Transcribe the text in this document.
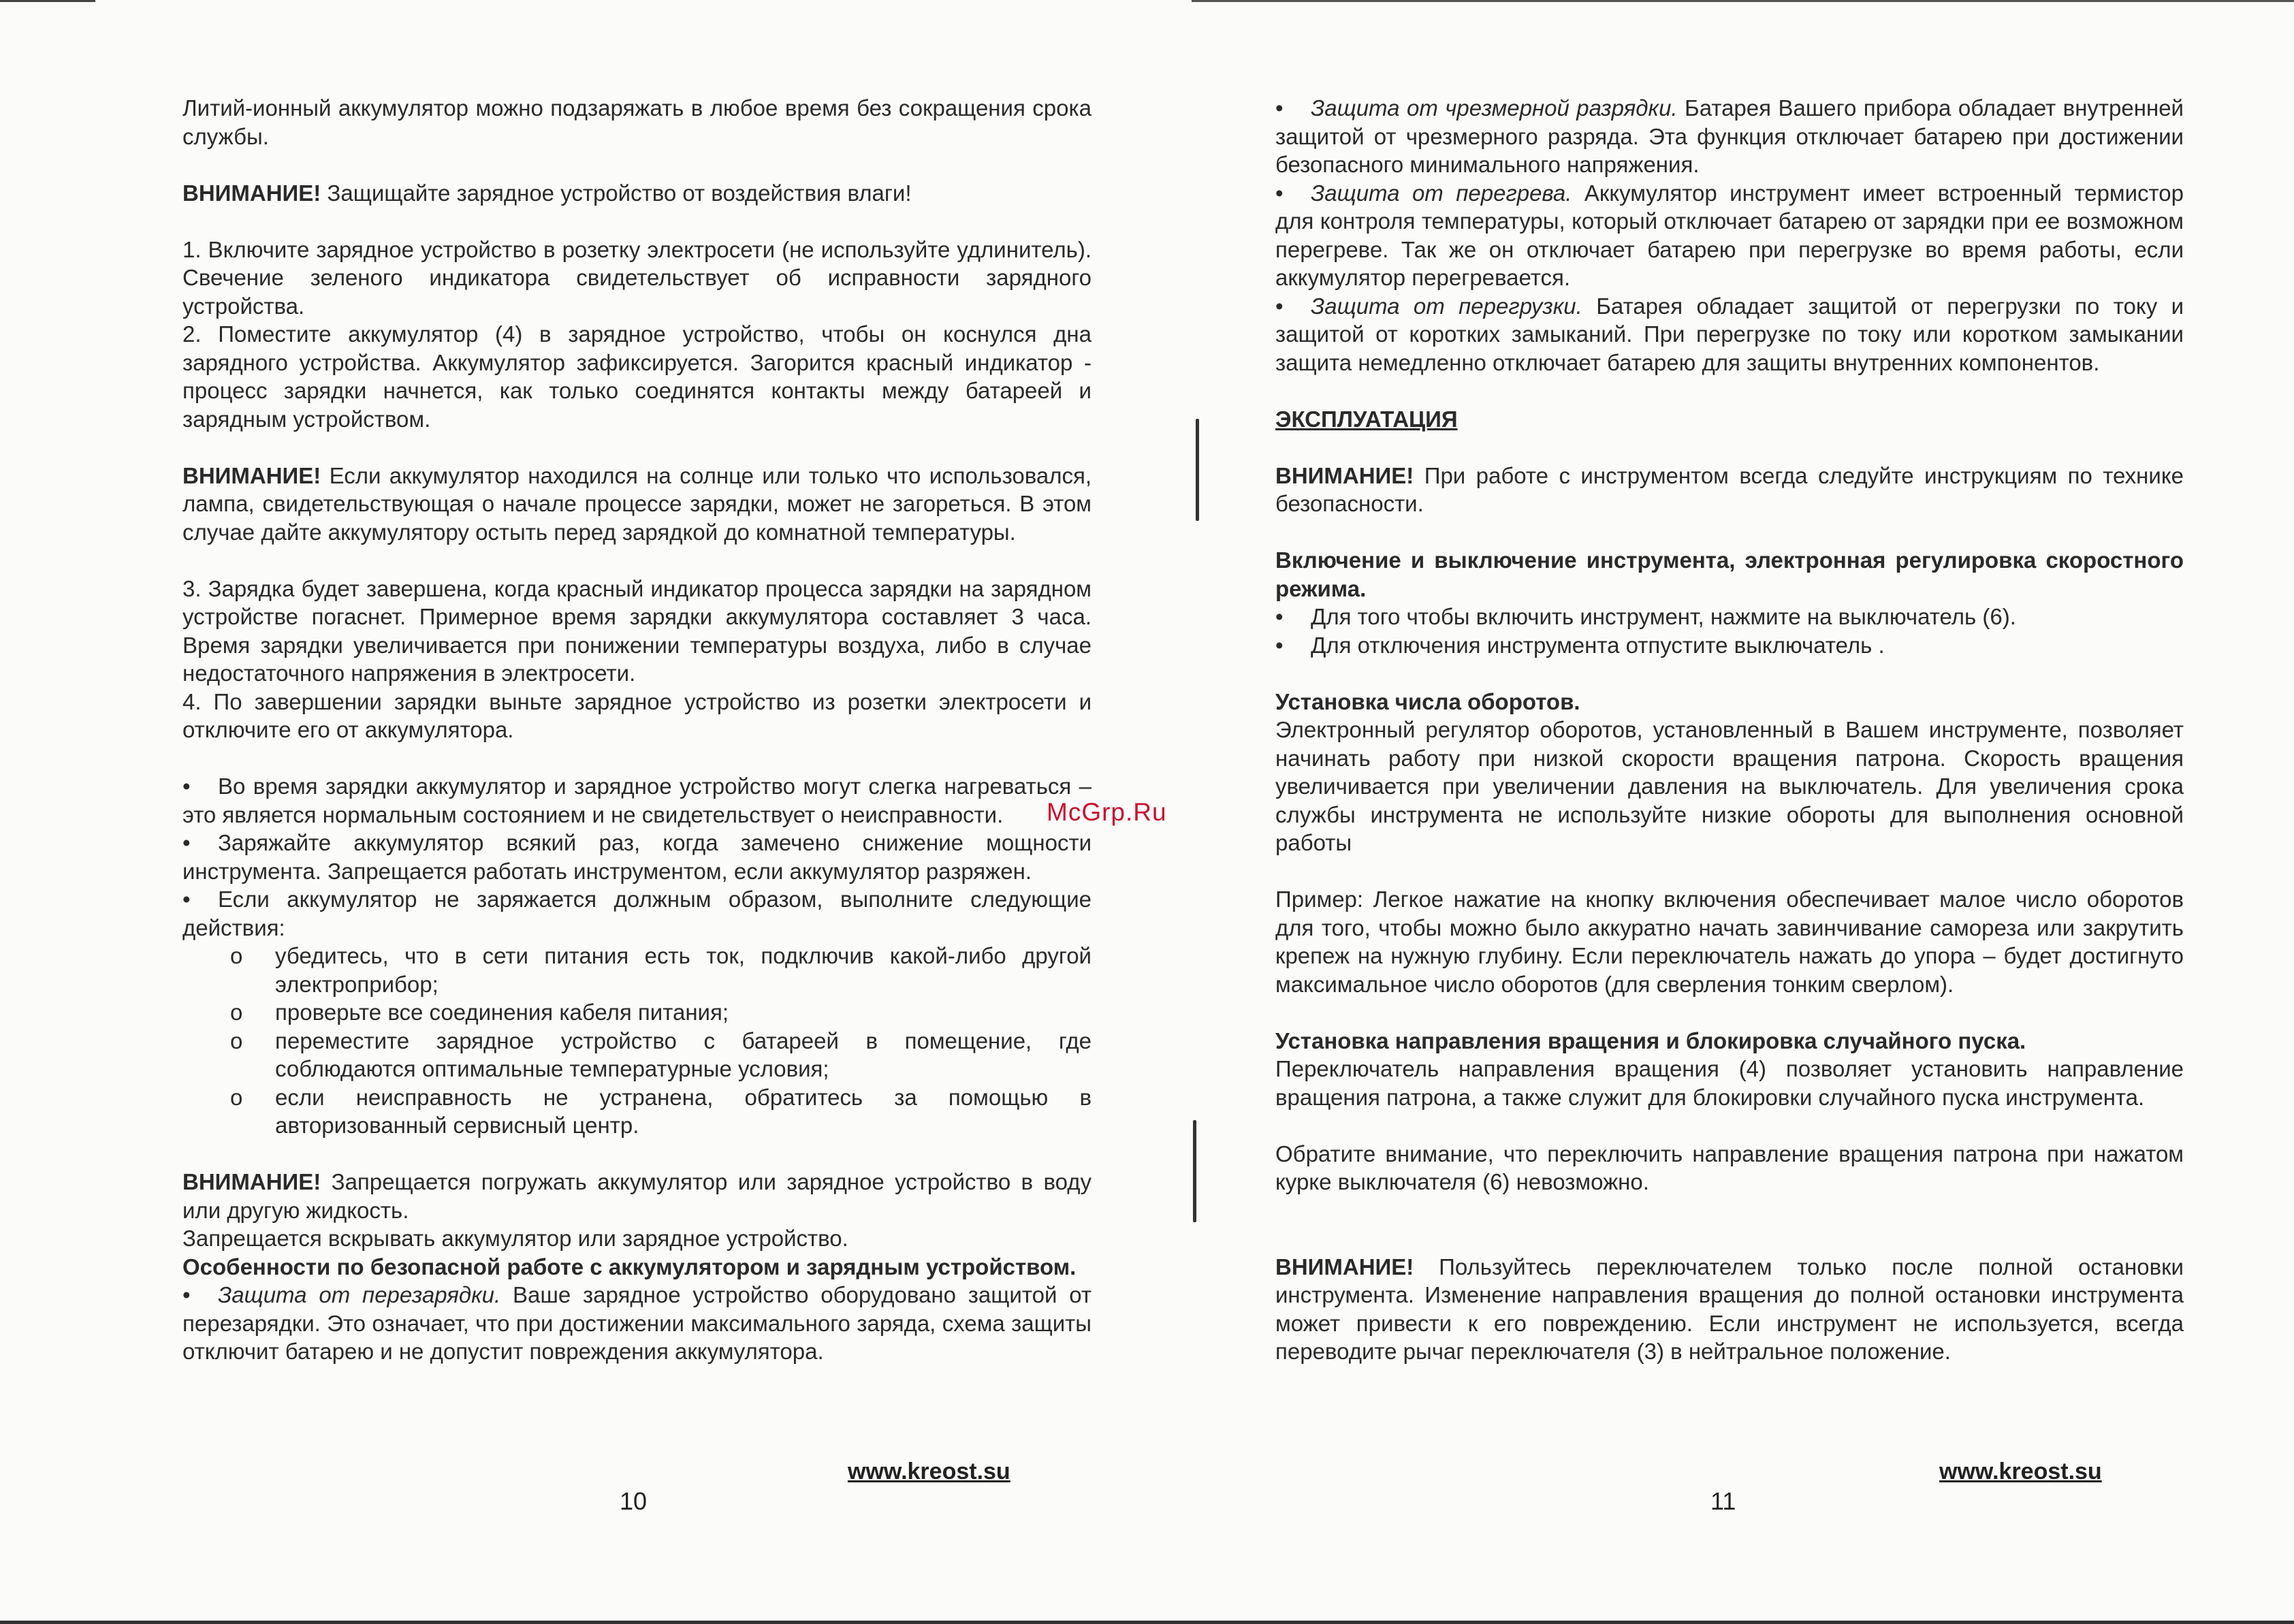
Литий-ионный аккумулятор можно подзаряжать в любое время без сокращения срока службы.

ВНИМАНИЕ! Защищайте зарядное устройство от воздействия влаги!

1. Включите зарядное устройство в розетку электросети (не используйте удлинитель). Свечение зеленого индикатора свидетельствует об исправности зарядного устройства.

2. Поместите аккумулятор (4) в зарядное устройство, чтобы он коснулся дна зарядного устройства. Аккумулятор зафиксируется. Загорится красный индикатор - процесс зарядки начнется, как только соединятся контакты между батареей и зарядным устройством.

ВНИМАНИЕ! Если аккумулятор находился на солнце или только что использовался, лампа, свидетельствующая о начале процессе зарядки, может не загореться. В этом случае дайте аккумулятору остыть перед зарядкой до комнатной температуры.

3. Зарядка будет завершена, когда красный индикатор процесса зарядки на зарядном устройстве погаснет. Примерное время зарядки аккумулятора составляет 3 часа. Время зарядки увеличивается при понижении температуры воздуха, либо в случае недостаточного напряжения в электросети.

4. По завершении зарядки выньте зарядное устройство из розетки электросети и отключите его от аккумулятора.

• Во время зарядки аккумулятор и зарядное устройство могут слегка нагреваться – это является нормальным состоянием и не свидетельствует о неисправности.

• Заряжайте аккумулятор всякий раз, когда замечено снижение мощности инструмента. Запрещается работать инструментом, если аккумулятор разряжен.

• Если аккумулятор не заряжается должным образом, выполните следующие действия:

o убедитесь, что в сети питания есть ток, подключив какой-либо другой электроприбор;

o проверьте все соединения кабеля питания;

o переместите зарядное устройство с батареей в помещение, где соблюдаются оптимальные температурные условия;

o если неисправность не устранена, обратитесь за помощью в авторизованный сервисный центр.

ВНИМАНИЕ! Запрещается погружать аккумулятор или зарядное устройство в воду или другую жидкость.

Запрещается вскрывать аккумулятор или зарядное устройство.

Особенности по безопасной работе с аккумулятором и зарядным устройством.

• Защита от перезарядки. Ваше зарядное устройство оборудовано защитой от перезарядки. Это означает, что при достижении максимального заряда, схема защиты отключит батарею и не допустит повреждения аккумулятора.

www.kreost.su
10

• Защита от чрезмерной разрядки. Батарея Вашего прибора обладает внутренней защитой от чрезмерного разряда. Эта функция отключает батарею при достижении безопасного минимального напряжения.

• Защита от перегрева. Аккумулятор инструмент имеет встроенный термистор для контроля температуры, который отключает батарею от зарядки при ее возможном перегреве. Так же он отключает батарею при перегрузке во время работы, если аккумулятор перегревается.

• Защита от перегрузки. Батарея обладает защитой от перегрузки по току и защитой от коротких замыканий. При перегрузке по току или коротком замыкании защита немедленно отключает батарею для защиты внутренних компонентов.

ЭКСПЛУАТАЦИЯ

ВНИМАНИЕ! При работе с инструментом всегда следуйте инструкциям по технике безопасности.

Включение и выключение инструмента, электронная регулировка скоростного режима.

• Для того чтобы включить инструмент, нажмите на выключатель (6).

• Для отключения инструмента отпустите выключатель .

Установка числа оборотов.

Электронный регулятор оборотов, установленный в Вашем инструменте, позволяет начинать работу при низкой скорости вращения патрона. Скорость вращения увеличивается при увеличении давления на выключатель. Для увеличения срока службы инструмента не используйте низкие обороты для выполнения основной работы

Пример: Легкое нажатие на кнопку включения обеспечивает малое число оборотов для того, чтобы можно было аккуратно начать завинчивание самореза или закрутить крепеж на нужную глубину. Если переключатель нажать до упора – будет достигнуто максимальное число оборотов (для сверления тонким сверлом).

Установка направления вращения и блокировка случайного пуска.

Переключатель направления вращения (4) позволяет установить направление вращения патрона, а также служит для блокировки случайного пуска инструмента.

Обратите внимание, что переключить направление вращения патрона при нажатом курке выключателя (6) невозможно.

ВНИМАНИЕ! Пользуйтесь переключателем только после полной остановки инструмента. Изменение направления вращения до полной остановки инструмента может привести к его повреждению. Если инструмент не используется, всегда переводите рычаг переключателя (3) в нейтральное положение.

www.kreost.su
11
McGrp.Ru
